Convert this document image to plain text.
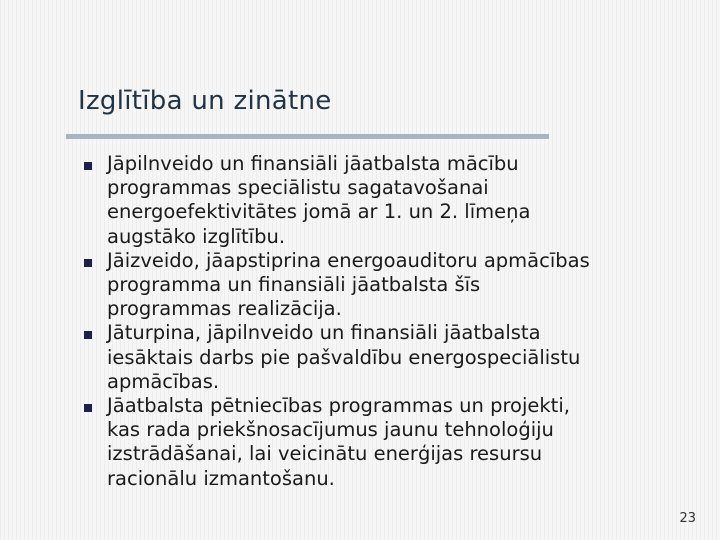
Izglītība un zinātne
Jāpilnveido un finansiāli jāatbalsta mācību
programmas speciālistu sagatavošanai
energoefektivitātes jomā ar 1. un 2. līmeņa
augstāko izglītību.
Jāizveido, jāapstiprina energoauditoru apmācības
programma un finansiāli jāatbalsta šīs
programmas realizācija.
Jāturpina, jāpilnveido un finansiāli jāatbalsta
iesāktais darbs pie pašvaldību energospeciālistu
apmācības.
Jāatbalsta pētniecības programmas un projekti,
kas rada priekšnosacījumus jaunu tehnoloģiju
izstrādāšanai, lai veicinātu enerģijas resursu
racionālu izmantošanu.
23
